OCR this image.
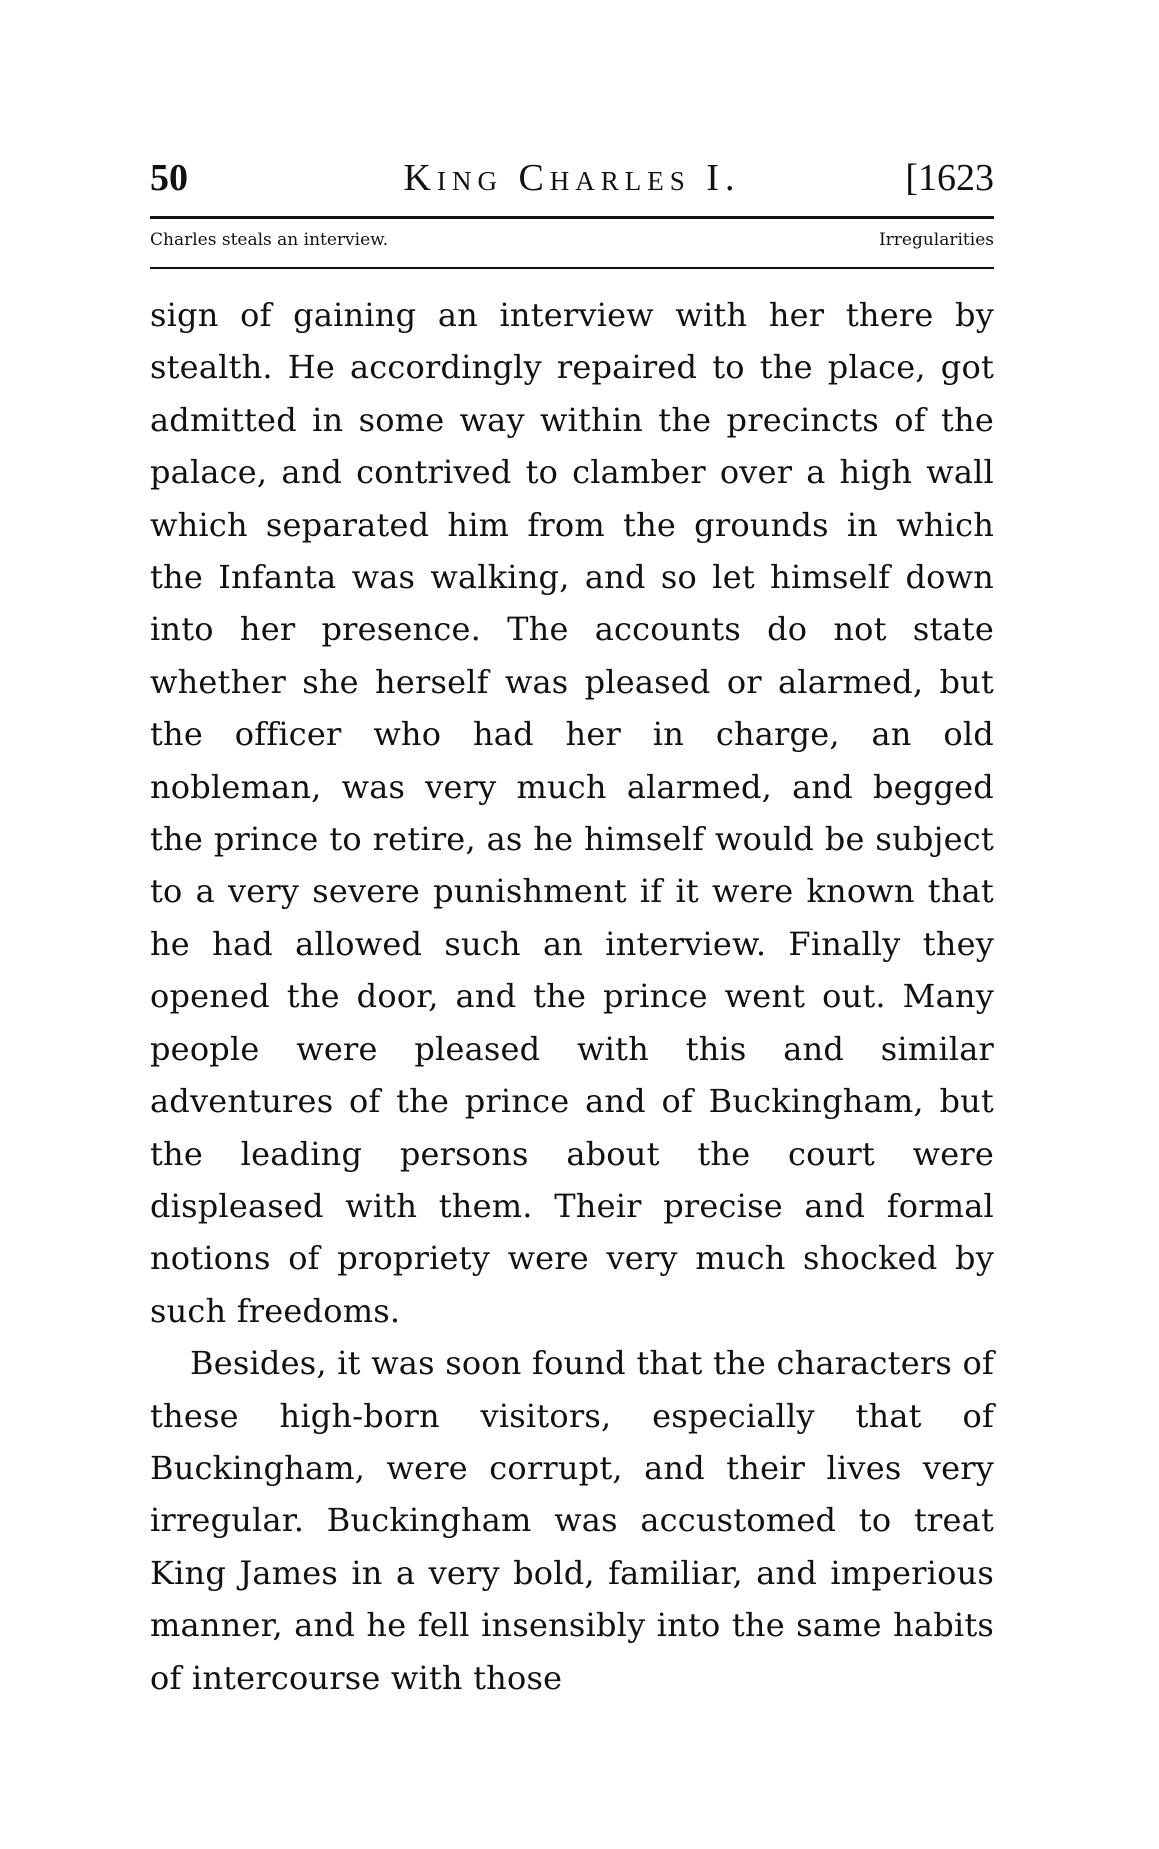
50	King Charles I.	[1623
Charles steals an interview.	Irregularities

sign of gaining an interview with her there by stealth. He accordingly repaired to the place, got admitted in some way within the precincts of the palace, and contrived to clamber over a high wall which separated him from the grounds in which the Infanta was walking, and so let himself down into her presence. The accounts do not state whether she herself was pleased or alarmed, but the officer who had her in charge, an old nobleman, was very much alarmed, and begged the prince to retire, as he himself would be subject to a very severe punishment if it were known that he had allowed such an interview. Finally they opened the door, and the prince went out. Many people were pleased with this and similar adventures of the prince and of Buckingham, but the leading persons about the court were displeased with them. Their precise and formal notions of propriety were very much shocked by such freedoms.

Besides, it was soon found that the characters of these high-born visitors, especially that of Buckingham, were corrupt, and their lives very irregular. Buckingham was accustomed to treat King James in a very bold, familiar, and imperious manner, and he fell insensibly into the same habits of intercourse with those
